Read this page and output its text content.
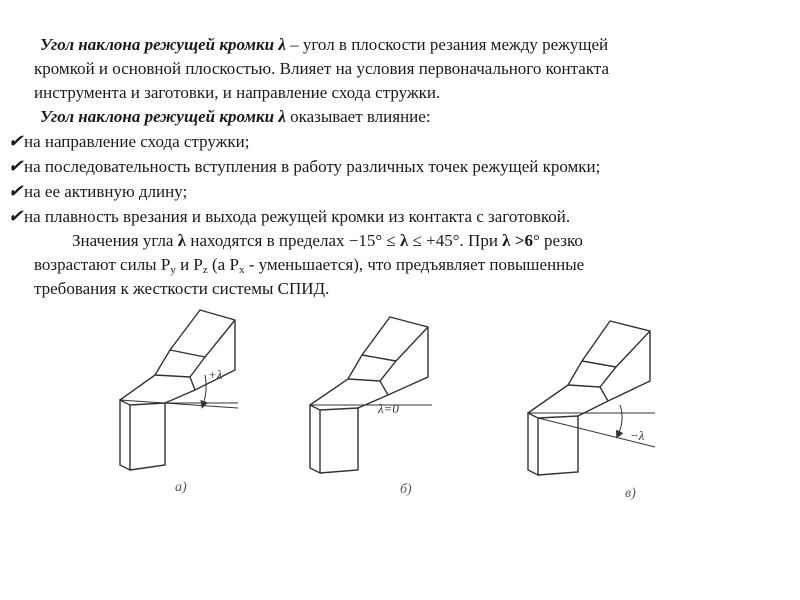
Угол наклона режущей кромки λ – угол в плоскости резания между режущей
кромкой и основной плоскостью. Влияет на условия первоначального контакта
инструмента и заготовки, и направление схода стружки.
Угол наклона режущей кромки λ оказывает влияние:
✔на направление схода стружки;
✔на последовательность вступления в работу различных точек режущей кромки;
✔на ее активную длину;
✔на плавность врезания и выхода режущей кромки из контакта с заготовкой.
Значения угла λ находятся в пределах −15° ≤ λ ≤ +45°. При λ >6° резко
возрастают силы $P_y$ и $P_z$ (а $P_x$ - уменьшается), что предъявляет повышенные
требования к жесткости системы СПИД.
+λ
а)
λ=0
б)
−λ
в)
